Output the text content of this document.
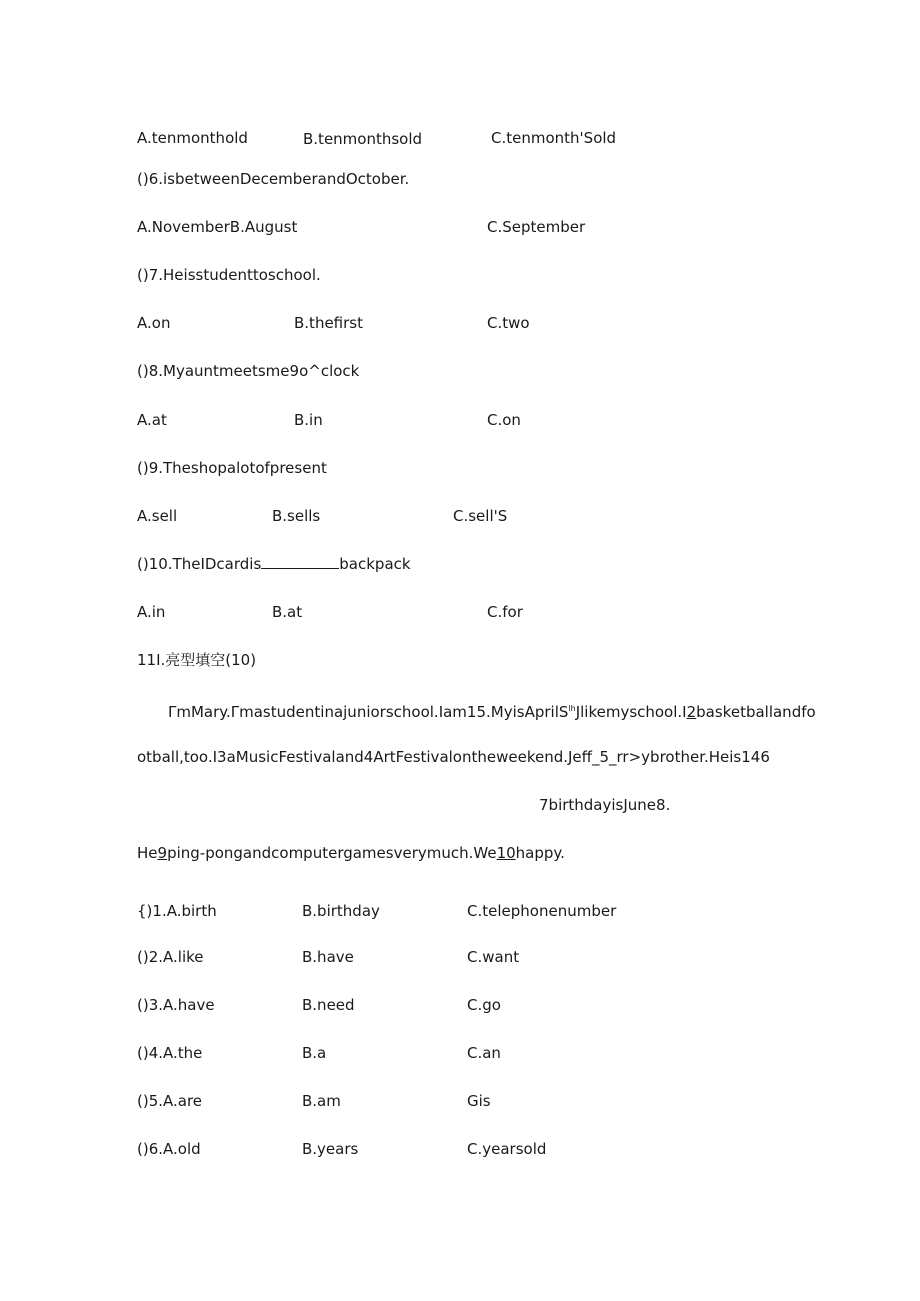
A.tenmonthold	B.tenmonthsold	C.tenmonth'Sold
()6.isbetweenDecemberandOctober.
A.NovemberB.August	C.September
()7.Heisstudenttoschool.
A.on	B.thefirst	C.two
()8.Myauntmeetsme9o^clock
A.at	B.in	C.on
()9.Theshopalotofpresent
A.sell	B.sells	C.sell'S
()10.TheIDcardis	backpack
A.in	B.at	C.for
11I.亮型填空(10)
ΓmMary.Γmastudentinajuniorschool.Iam15.MyisAprilS$^{lh}$Jlikemyschool.I2basketballandfo
otball,too.I3aMusicFestivaland4ArtFestivalontheweekend.Jeff_5_rr>ybrother.Heis146
7birthdayisJune8.
He9ping-pongandcomputergamesverymuch.We10happy.
{)1.A.birth	B.birthday	C.telephonenumber
()2.A.like	B.have	C.want
()3.A.have	B.need	C.go
()4.A.the	B.a	C.an
()5.A.are	B.am	Gis
()6.A.old	B.years	C.yearsold
